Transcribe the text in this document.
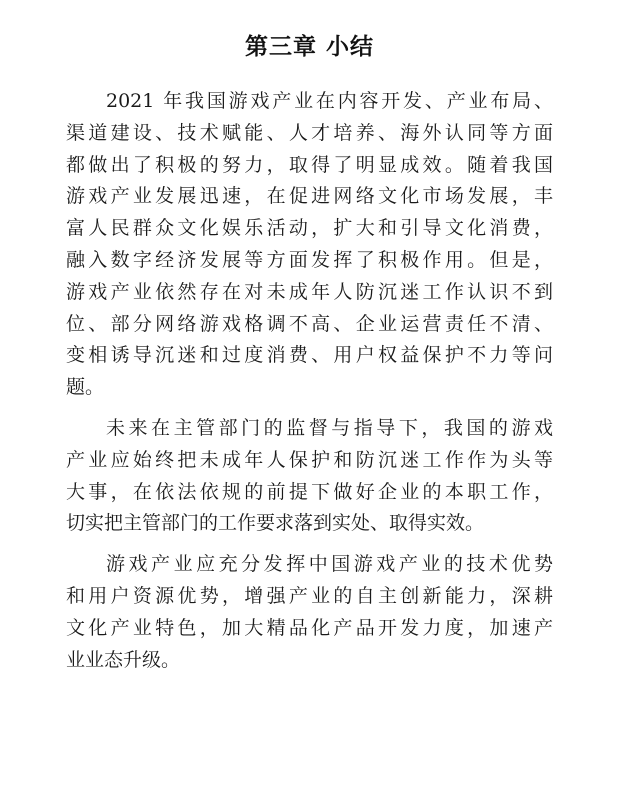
第三章 小结
2021 年我国游戏产业在内容开发、产业布局、
渠道建设、技术赋能、人才培养、海外认同等方面
都做出了积极的努力，取得了明显成效。随着我国
游戏产业发展迅速，在促进网络文化市场发展，丰
富人民群众文化娱乐活动，扩大和引导文化消费，
融入数字经济发展等方面发挥了积极作用。但是，
游戏产业依然存在对未成年人防沉迷工作认识不到
位、部分网络游戏格调不高、企业运营责任不清、
变相诱导沉迷和过度消费、用户权益保护不力等问
题。
未来在主管部门的监督与指导下，我国的游戏
产业应始终把未成年人保护和防沉迷工作作为头等
大事，在依法依规的前提下做好企业的本职工作，
切实把主管部门的工作要求落到实处、取得实效。
游戏产业应充分发挥中国游戏产业的技术优势
和用户资源优势，增强产业的自主创新能力，深耕
文化产业特色，加大精品化产品开发力度，加速产
业业态升级。
